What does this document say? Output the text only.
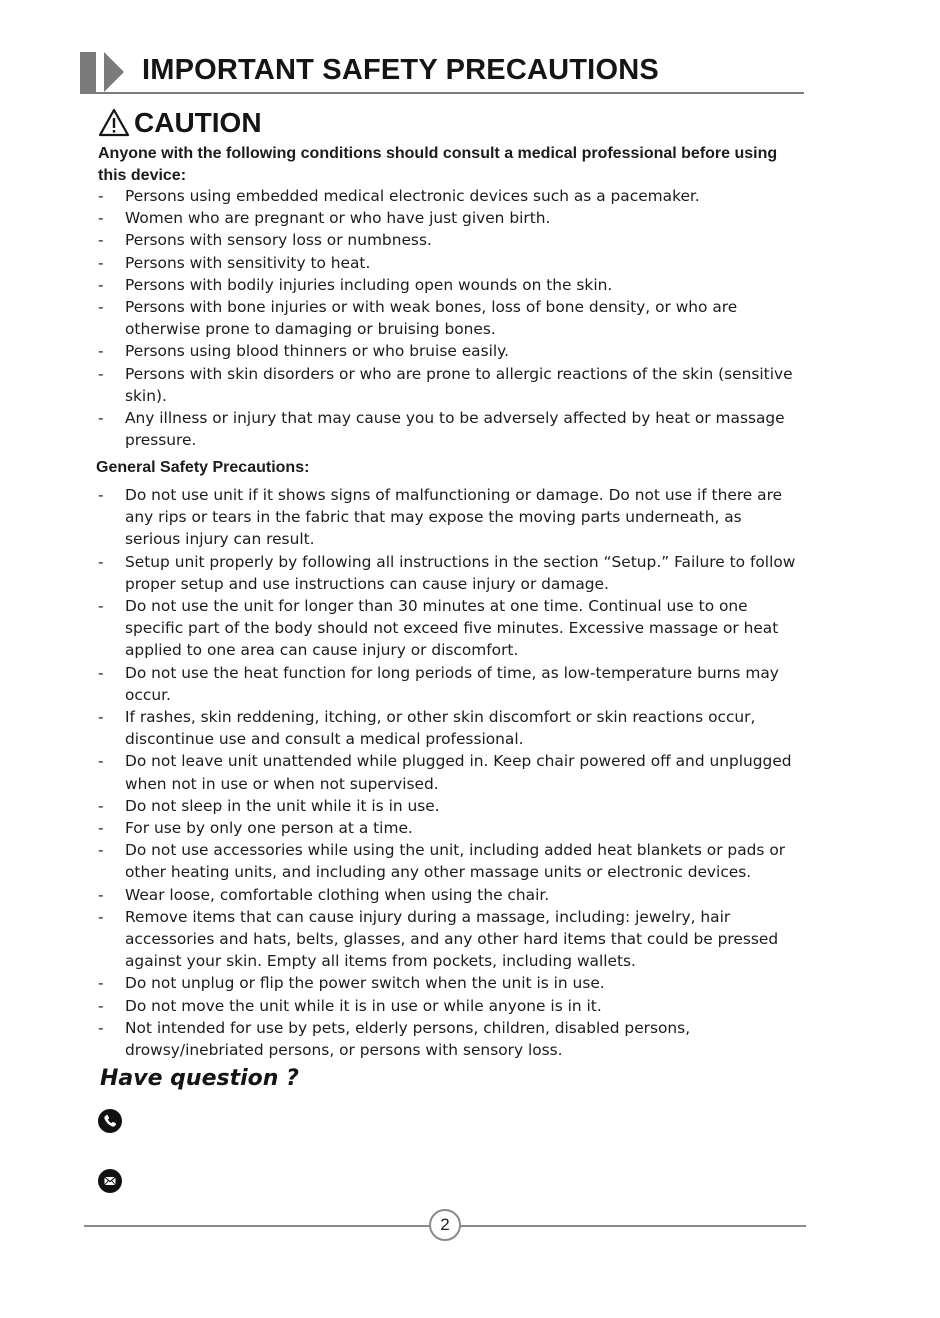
IMPORTANT SAFETY PRECAUTIONS
CAUTION

Anyone with the following conditions should consult a medical professional before using this device:

- Persons using embedded medical electronic devices such as a pacemaker.
- Women who are pregnant or who have just given birth.
- Persons with sensory loss or numbness.
- Persons with sensitivity to heat.
- Persons with bodily injuries including open wounds on the skin.
- Persons with bone injuries or with weak bones, loss of bone density, or who are otherwise prone to damaging or bruising bones.
- Persons using blood thinners or who bruise easily.
- Persons with skin disorders or who are prone to allergic reactions of the skin (sensitive skin).
- Any illness or injury that may cause you to be adversely affected by heat or massage pressure.
General Safety Precautions:
- Do not use unit if it shows signs of malfunctioning or damage. Do not use if there are any rips or tears in the fabric that may expose the moving parts underneath, as serious injury can result.
- Setup unit properly by following all instructions in the section “Setup.” Failure to follow proper setup and use instructions can cause injury or damage.
- Do not use the unit for longer than 30 minutes at one time. Continual use to one specific part of the body should not exceed five minutes. Excessive massage or heat applied to one area can cause injury or discomfort.
- Do not use the heat function for long periods of time, as low-temperature burns may occur.
- If rashes, skin reddening, itching, or other skin discomfort or skin reactions occur, discontinue use and consult a medical professional.
- Do not leave unit unattended while plugged in. Keep chair powered off and unplugged when not in use or when not supervised.
- Do not sleep in the unit while it is in use.
- For use by only one person at a time.
- Do not use accessories while using the unit, including added heat blankets or pads or other heating units, and including any other massage units or electronic devices.
- Wear loose, comfortable clothing when using the chair.
- Remove items that can cause injury during a massage, including: jewelry, hair accessories and hats, belts, glasses, and any other hard items that could be pressed against your skin. Empty all items from pockets, including wallets.
- Do not unplug or flip the power switch when the unit is in use.
- Do not move the unit while it is in use or while anyone is in it.
- Not intended for use by pets, elderly persons, children, disabled persons, drowsy/inebriated persons, or persons with sensory loss.
Have question ?
2
